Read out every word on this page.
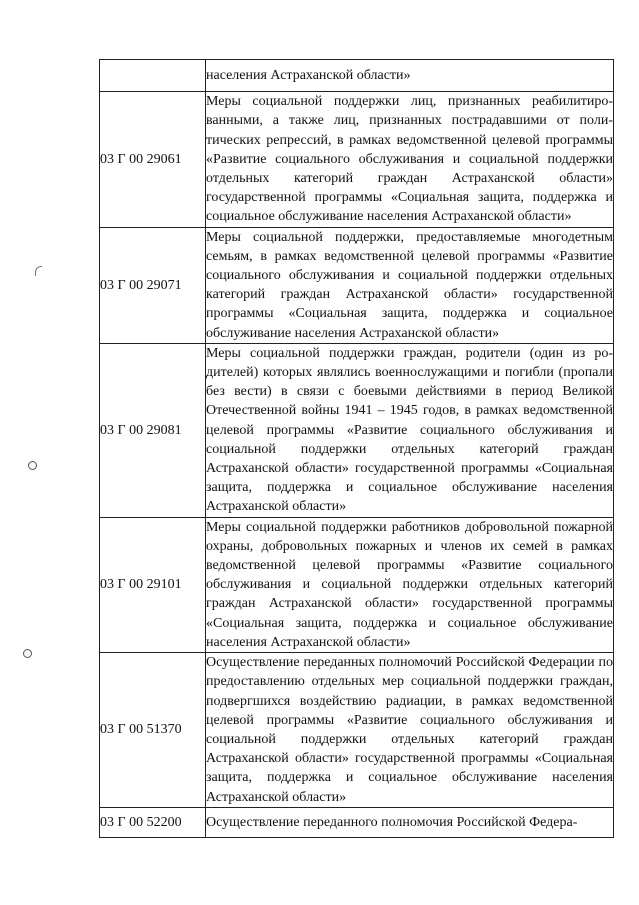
	населения Астраханской области»
03 Г 00 29061	Меры социальной поддержки лиц, признанных реабилитированными, а также лиц, признанных пострадавшими от политических репрессий, в рамках ведомственной целевой программы «Развитие социального обслуживания и социальной поддержки отдельных категорий граждан Астраханской области» государственной программы «Социальная защита, поддержка и социальное обслуживание населения Астраханской области»
03 Г 00 29071	Меры социальной поддержки, предоставляемые многодетным семьям, в рамках ведомственной целевой программы «Развитие социального обслуживания и социальной поддержки отдельных категорий граждан Астраханской области» государственной программы «Социальная защита, поддержка и социальное обслуживание населения Астраханской области»
03 Г 00 29081	Меры социальной поддержки граждан, родители (один из родителей) которых являлись военнослужащими и погибли (пропали без вести) в связи с боевыми действиями в период Великой Отечественной войны 1941 – 1945 годов, в рамках ведомственной целевой программы «Развитие социального обслуживания и социальной поддержки отдельных категорий граждан Астраханской области» государственной программы «Социальная защита, поддержка и социальное обслуживание населения Астраханской области»
03 Г 00 29101	Меры социальной поддержки работников добровольной пожарной охраны, добровольных пожарных и членов их семей в рамках ведомственной целевой программы «Развитие социального обслуживания и социальной поддержки отдельных категорий граждан Астраханской области» государственной программы «Социальная защита, поддержка и социальное обслуживание населения Астраханской области»
03 Г 00 51370	Осуществление переданных полномочий Российской Федерации по предоставлению отдельных мер социальной поддержки граждан, подвергшихся воздействию радиации, в рамках ведомственной целевой программы «Развитие социального обслуживания и социальной поддержки отдельных категорий граждан Астраханской области» государственной программы «Социальная защита, поддержка и социальное обслуживание населения Астраханской области»
03 Г 00 52200	Осуществление переданного полномочия Российской Федера-
